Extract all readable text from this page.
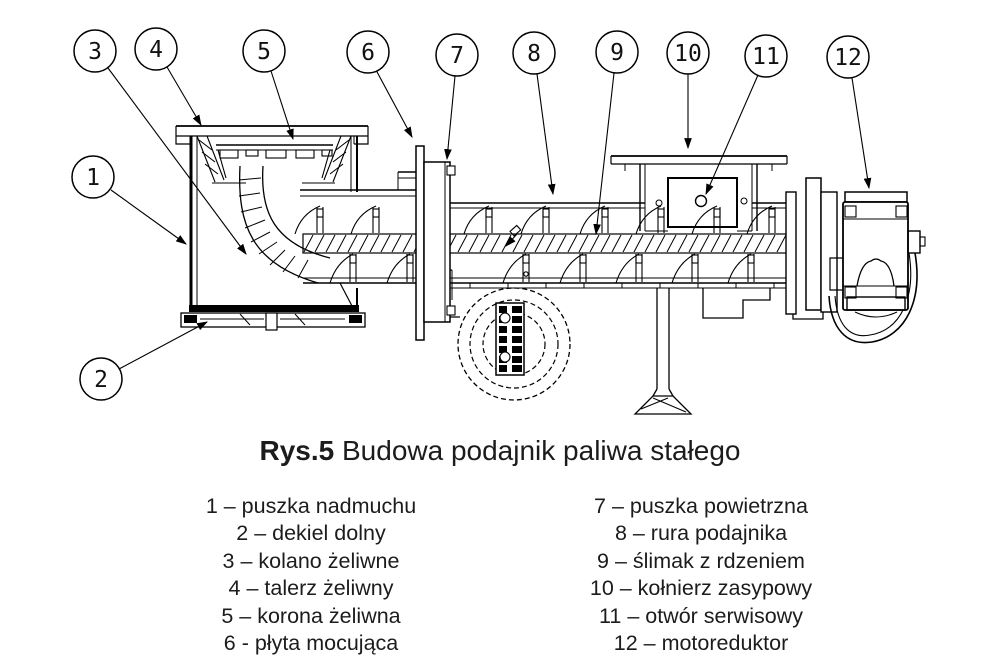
1
2
3 4	5	6	7	8	9 10 11 12
Rys.5 Budowa podajnik paliwa stałego
1 – puszka nadmuchu
2 – dekiel dolny
3 – kolano żeliwne
4 – talerz żeliwny
5 – korona żeliwna
6 - płyta mocująca
7 – puszka powietrzna
8 – rura podajnika
9 – ślimak z rdzeniem
10 – kołnierz zasypowy
11 – otwór serwisowy
12 – motoreduktor
